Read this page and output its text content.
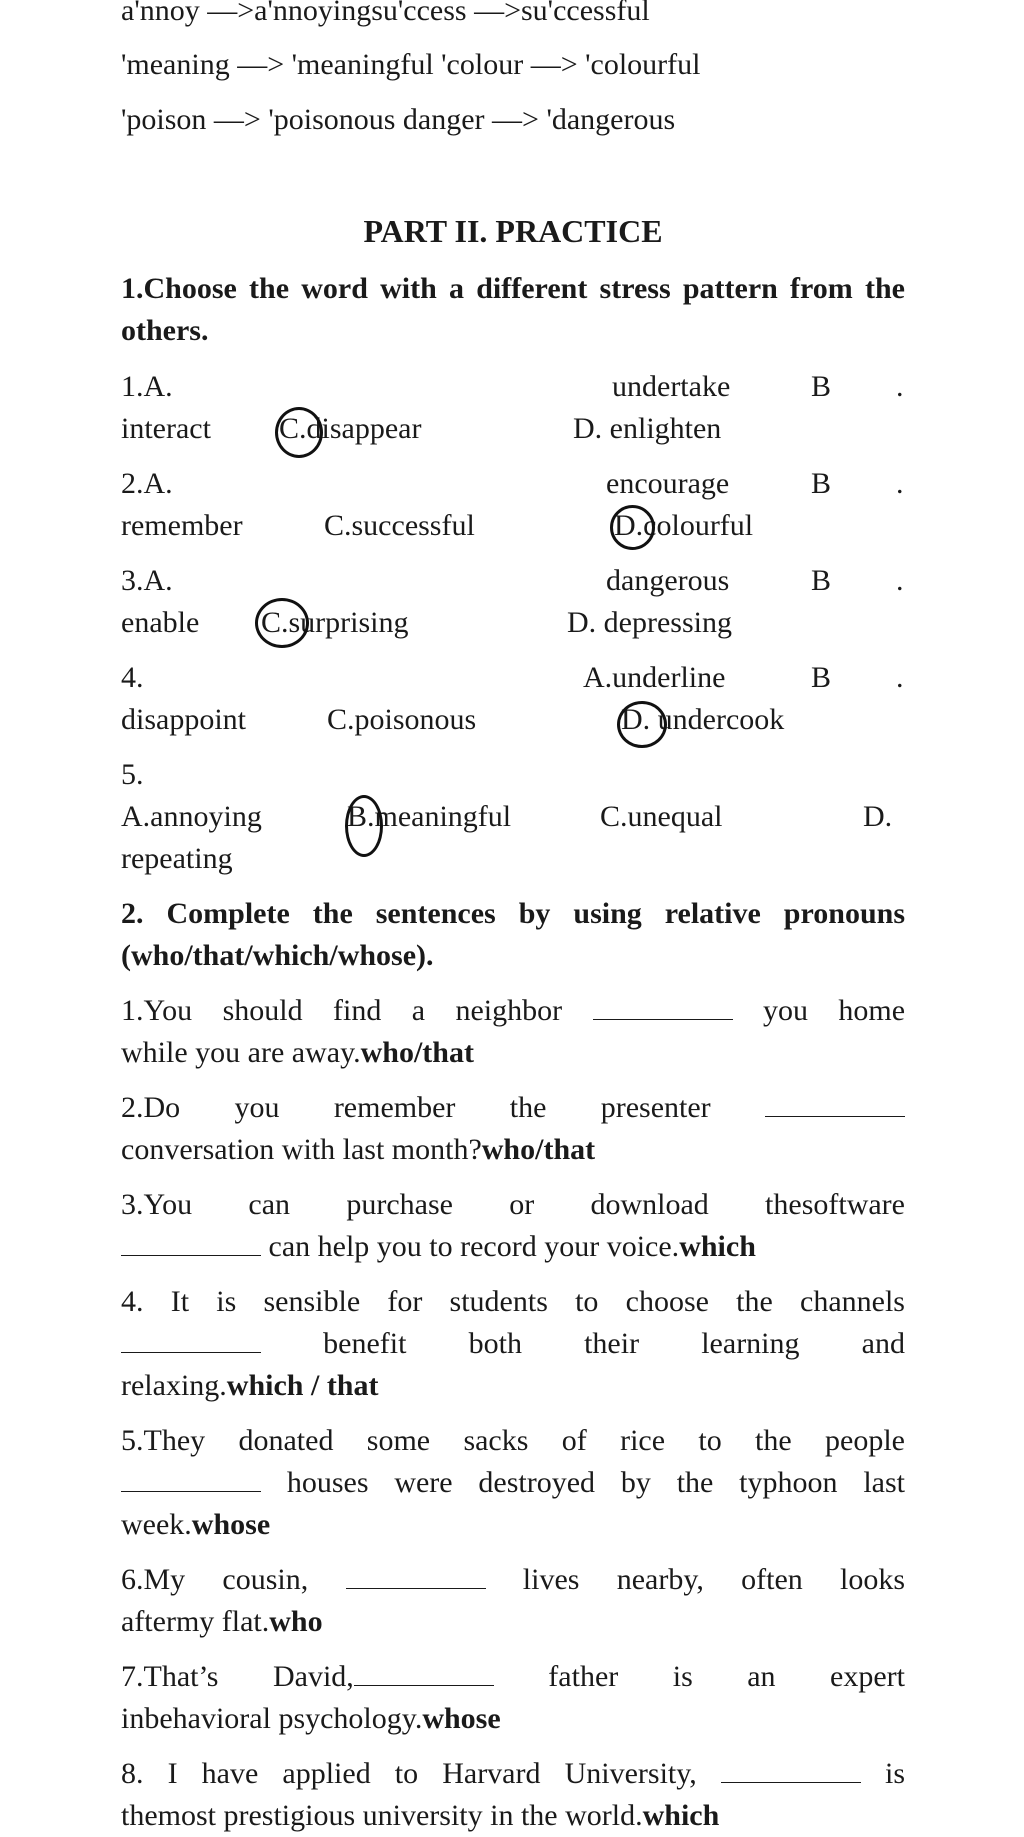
a'nnoy —>a'nnoyingsu'ccess —>su'ccessful
'meaning —> 'meaningful 'colour —> 'colourful
'poison —> 'poisonous danger —> 'dangerous
PART II. PRACTICE
1.Choose the word with a different stress pattern from the others.
1.A.	undertake	B .
interact C.disappear	D. enlighten
2.A.	encourage	B .
remember	C.successful	D.colourful
3.A.	dangerous	B .
enable C.surprising	D. depressing
4.	A.underline	B .
disappoint	C.poisonous	D. undercook
5.
A.annoying	B.meaningful	C.unequal	D.
repeating
2. Complete the sentences by using relative pronouns (who/that/which/whose).
1.You should find a neighbor	you home
while you are away.who/that
2.Do you remember the presenter
conversation with last month?who/that
3.You can purchase or download thesoftware
can help you to record your voice.which
4. It is sensible for students to choose the channels
benefit both their learning and
relaxing.which / that
5.They donated some sacks of rice to the people
houses were destroyed by the typhoon last
week.whose
6.My cousin,	lives nearby, often looks
aftermy flat.who
7.That’s David,	father is an expert
inbehavioral psychology.whose
8. I have applied to Harvard University,	is
themost prestigious university in the world.which
